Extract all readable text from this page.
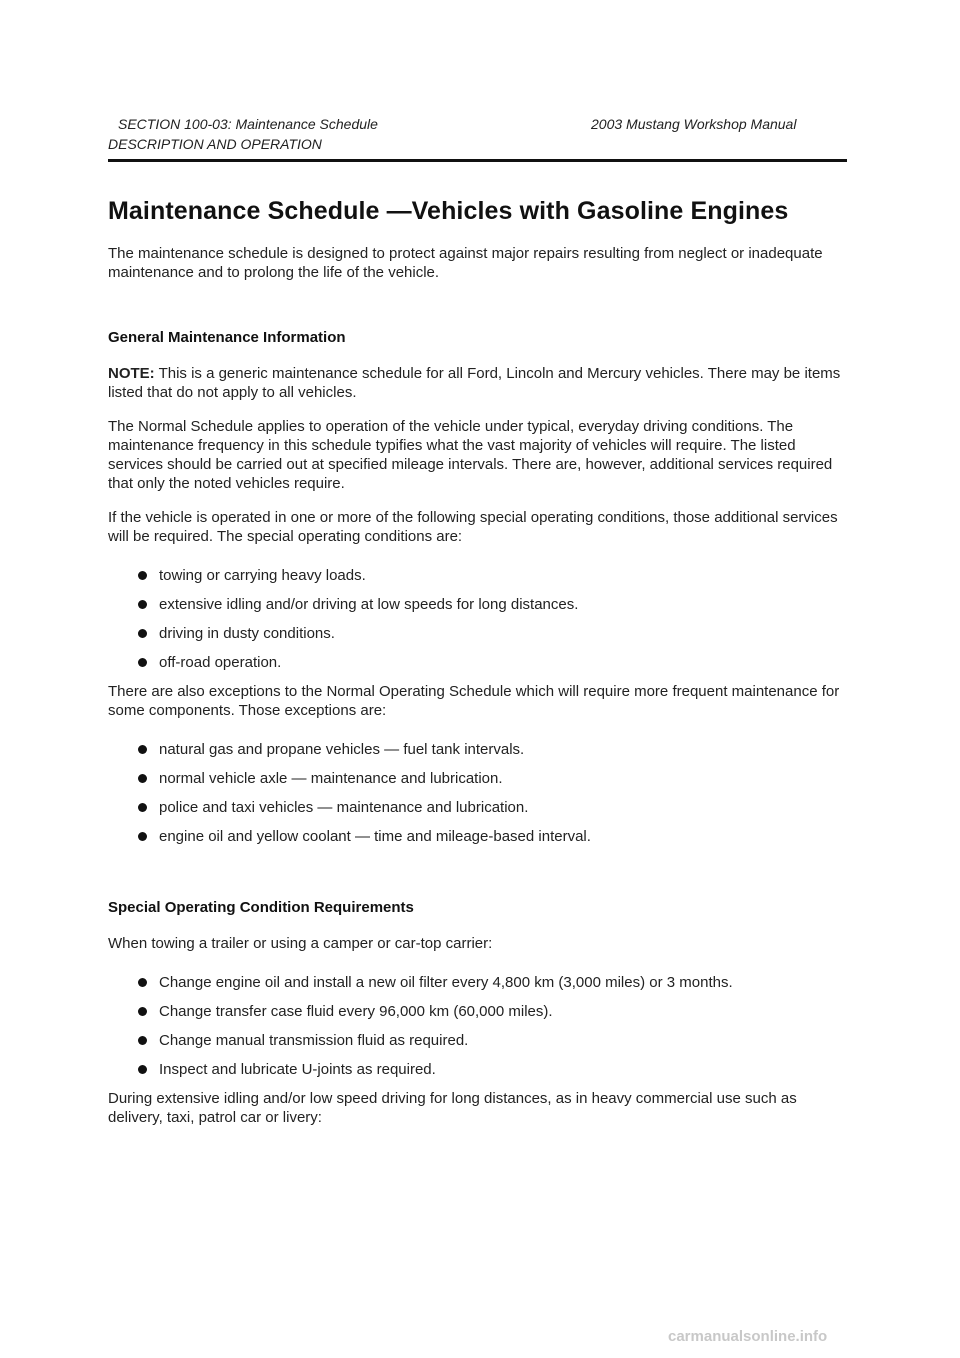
SECTION 100-03: Maintenance Schedule	2003 Mustang Workshop Manual
DESCRIPTION AND OPERATION
Maintenance Schedule —Vehicles with Gasoline Engines

The maintenance schedule is designed to protect against major repairs resulting from neglect or inadequate maintenance and to prolong the life of the vehicle.

General Maintenance Information

NOTE: This is a generic maintenance schedule for all Ford, Lincoln and Mercury vehicles. There may be items listed that do not apply to all vehicles.

The Normal Schedule applies to operation of the vehicle under typical, everyday driving conditions. The maintenance frequency in this schedule typifies what the vast majority of vehicles will require. The listed services should be carried out at specified mileage intervals. There are, however, additional services required that only the noted vehicles require.

If the vehicle is operated in one or more of the following special operating conditions, those additional services will be required. The special operating conditions are:

towing or carrying heavy loads.
extensive idling and/or driving at low speeds for long distances.
driving in dusty conditions.
off-road operation.

There are also exceptions to the Normal Operating Schedule which will require more frequent maintenance for some components. Those exceptions are:

natural gas and propane vehicles — fuel tank intervals.
normal vehicle axle — maintenance and lubrication.
police and taxi vehicles — maintenance and lubrication.
engine oil and yellow coolant — time and mileage-based interval.
Special Operating Condition Requirements

When towing a trailer or using a camper or car-top carrier:

Change engine oil and install a new oil filter every 4,800 km (3,000 miles) or 3 months.
Change transfer case fluid every 96,000 km (60,000 miles).
Change manual transmission fluid as required.
Inspect and lubricate U-joints as required.

During extensive idling and/or low speed driving for long distances, as in heavy commercial use such as delivery, taxi, patrol car or livery:

carmanualsonline.info
